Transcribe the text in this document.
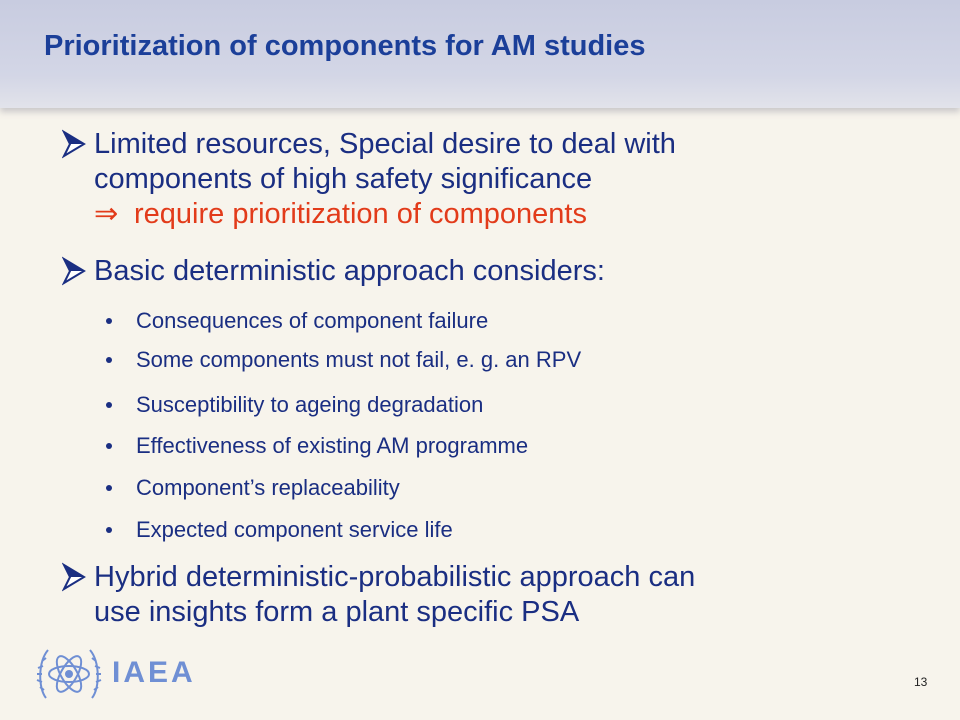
Prioritization of components for AM studies
Limited resources, Special desire to deal with
components of high safety significance
⇒ require prioritization of components
Basic deterministic approach considers:
Consequences of component failure
Some components must not fail, e. g. an RPV
Susceptibility to ageing degradation
Effectiveness of existing AM programme
Component’s replaceability
Expected component service life
Hybrid deterministic-probabilistic approach can
use insights form a plant specific PSA
IAEA	13
